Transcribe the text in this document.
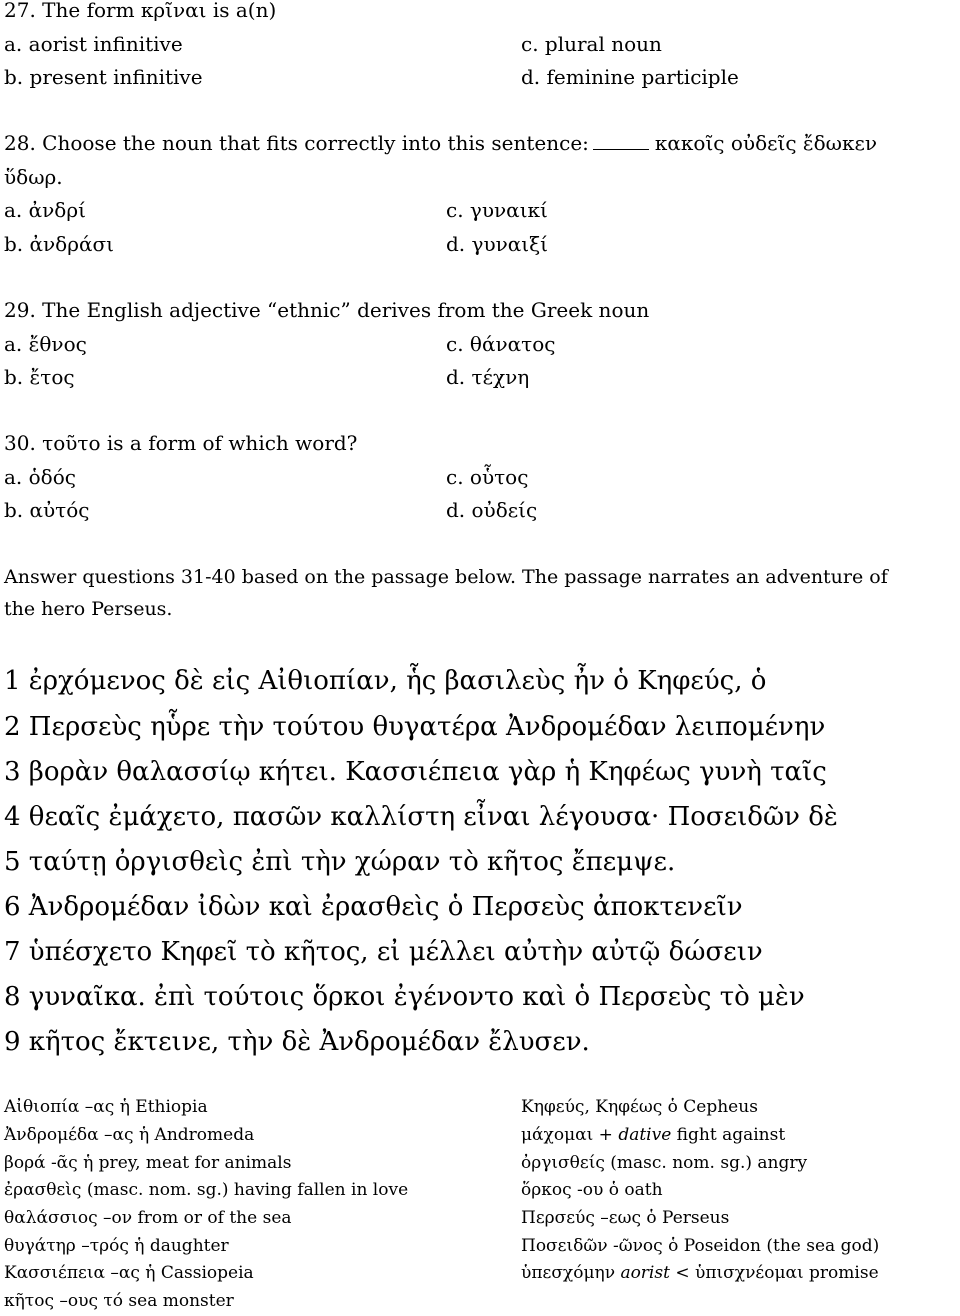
27. The form κρῖναι is a(n)
a. aorist infinitive	c. plural noun
b. present infinitive	d. feminine participle
28. Choose the noun that fits correctly into this sentence:	κακοῖς οὐδεῖς ἔδωκεν
ὕδωρ.
a. ἀνδρί	c. γυναικί
b. ἀνδράσι	d. γυναιξί
29. The English adjective “ethnic” derives from the Greek noun
a. ἔθνος	c. θάνατος
b. ἔτος	d. τέχνη
30. τοῦτο is a form of which word?
a. ὁδός	c. οὗτος
b. αὐτός	d. οὐδείς
Answer questions 31-40 based on the passage below. The passage narrates an adventure of
the hero Perseus.
1 ἐρχόμενος δὲ εἰς Αἰθιοπίαν, ἧς βασιλεὺς ἦν ὁ Κηφεύς, ὁ
2 Περσεὺς ηὗρε τὴν τούτου θυγατέρα Ἀνδρομέδαν λειπομένην
3 βορὰν θαλασσίῳ κήτει. Κασσιέπεια γὰρ ἡ Κηφέως γυνὴ ταῖς
4 θεαῖς ἐμάχετο, πασῶν καλλίστη εἶναι λέγουσα· Ποσειδῶν δὲ
5 ταύτῃ ὀργισθεὶς ἐπὶ τὴν χώραν τὸ κῆτος ἔπεμψε.
6 Ἀνδρομέδαν ἰδὼν καὶ ἐρασθεὶς ὁ Περσεὺς ἀποκτενεῖν
7 ὑπέσχετο Κηφεῖ τὸ κῆτος, εἰ μέλλει αὐτὴν αὐτῷ δώσειν
8 γυναῖκα. ἐπὶ τούτοις ὅρκοι ἐγένοντο καὶ ὁ Περσεὺς τὸ μὲν
9 κῆτος ἔκτεινε, τὴν δὲ Ἀνδρομέδαν ἔλυσεν.
Αἰθιοπία –ας ἡ Ethiopia
Ἀνδρομέδα –ας ἡ Andromeda
βορά -ᾶς ἡ prey, meat for animals
ἐρασθεὶς (masc. nom. sg.) having fallen in love
θαλάσσιος –ον from or of the sea
θυγάτηρ –τρός ἡ daughter
Κασσιέπεια –ας ἡ Cassiopeia
κῆτος –ους τό sea monster
Κηφεύς, Κηφέως ὁ Cepheus
μάχομαι + dative fight against
ὀργισθείς (masc. nom. sg.) angry
ὅρκος -ου ὁ oath
Περσεύς –εως ὁ Perseus
Ποσειδῶν -ῶνος ὁ Poseidon (the sea god)
ὑπεσχόμην aorist < ὑπισχνέομαι promise
